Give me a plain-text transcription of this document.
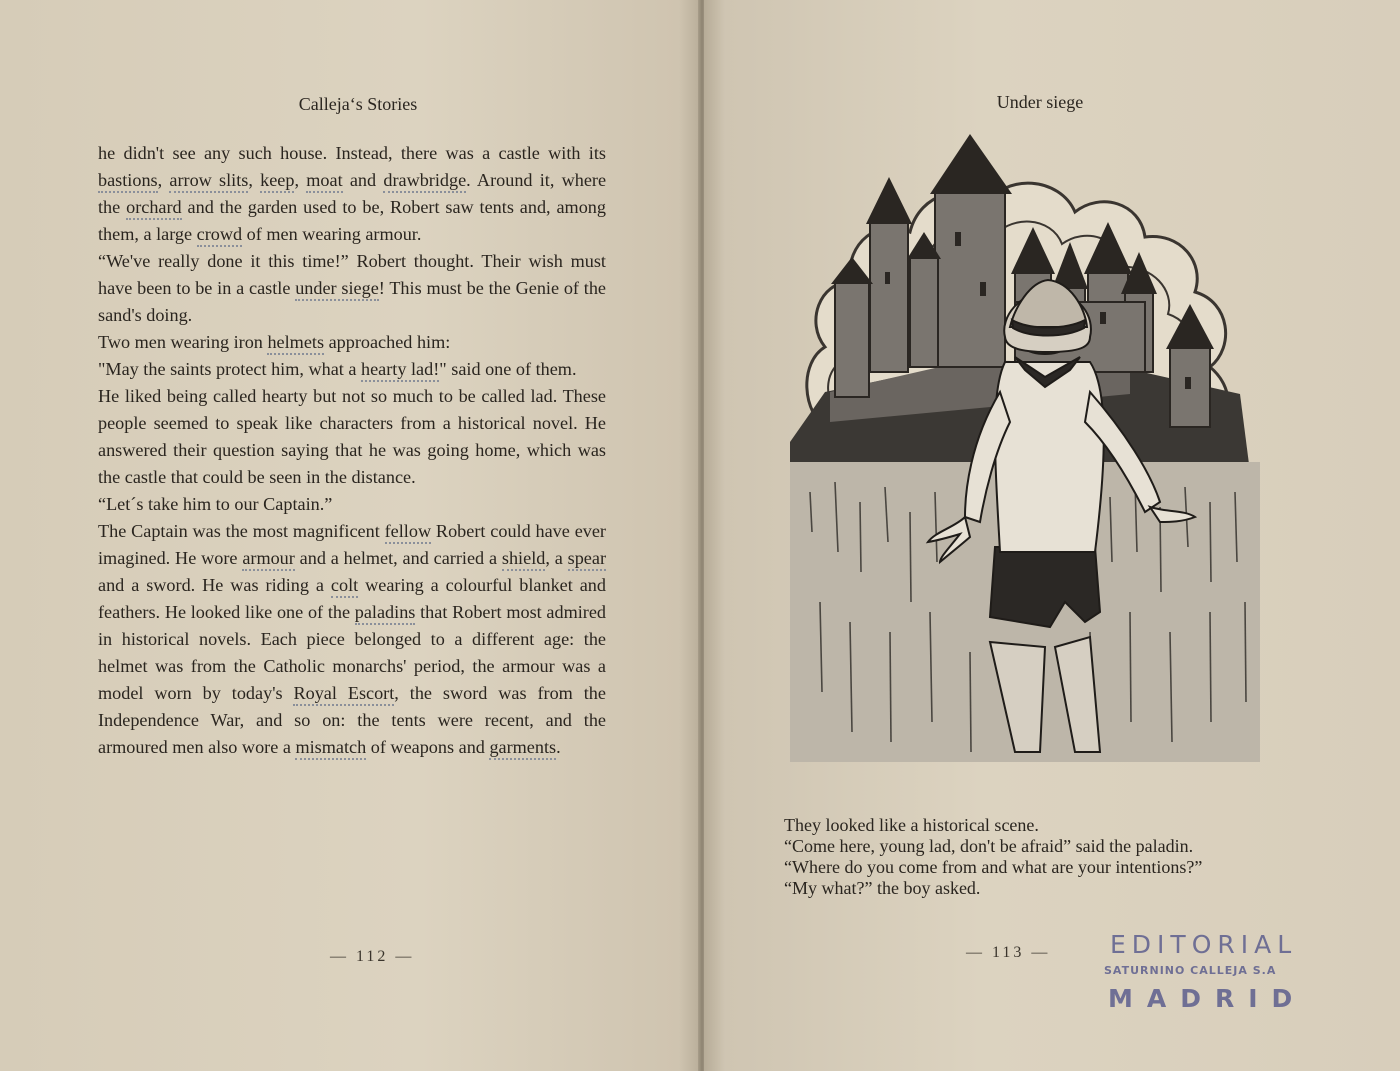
Callejaʻs Stories

he didn't see any such house. Instead, there was a castle with its bastions, arrow slits, keep, moat and drawbridge. Around it, where the orchard and the garden used to be, Robert saw tents and, among them, a large crowd of men wearing armour.

“We've really done it this time!” Robert thought. Their wish must have been to be in a castle under siege! This must be the Genie of the sand's doing.

Two men wearing iron helmets approached him:

"May the saints protect him, what a hearty lad!" said one of them.

He liked being called hearty but not so much to be called lad. These people seemed to speak like characters from a historical novel. He answered their question saying that he was going home, which was the castle that could be seen in the distance.

“Let´s take him to our Captain.”

The Captain was the most magnificent fellow Robert could have ever imagined. He wore armour and a helmet, and carried a shield, a spear and a sword. He was riding a colt wearing a colourful blanket and feathers. He looked like one of the paladins that Robert most admired in historical novels. Each piece belonged to a different age: the helmet was from the Catholic monarchs' period, the armour was a model worn by today's Royal Escort, the sword was from the Independence War, and so on: the tents were recent, and the armoured men also wore a mismatch of weapons and garments.

— 112 —
Under siege

They looked like a historical scene.

“Come here, young lad, don't be afraid” said the paladin.

“Where do you come from and what are your intentions?”

“My what?” the boy asked.

— 113 — EDITORIAL
SATURNINO CALLEJA S.A
MADRID
